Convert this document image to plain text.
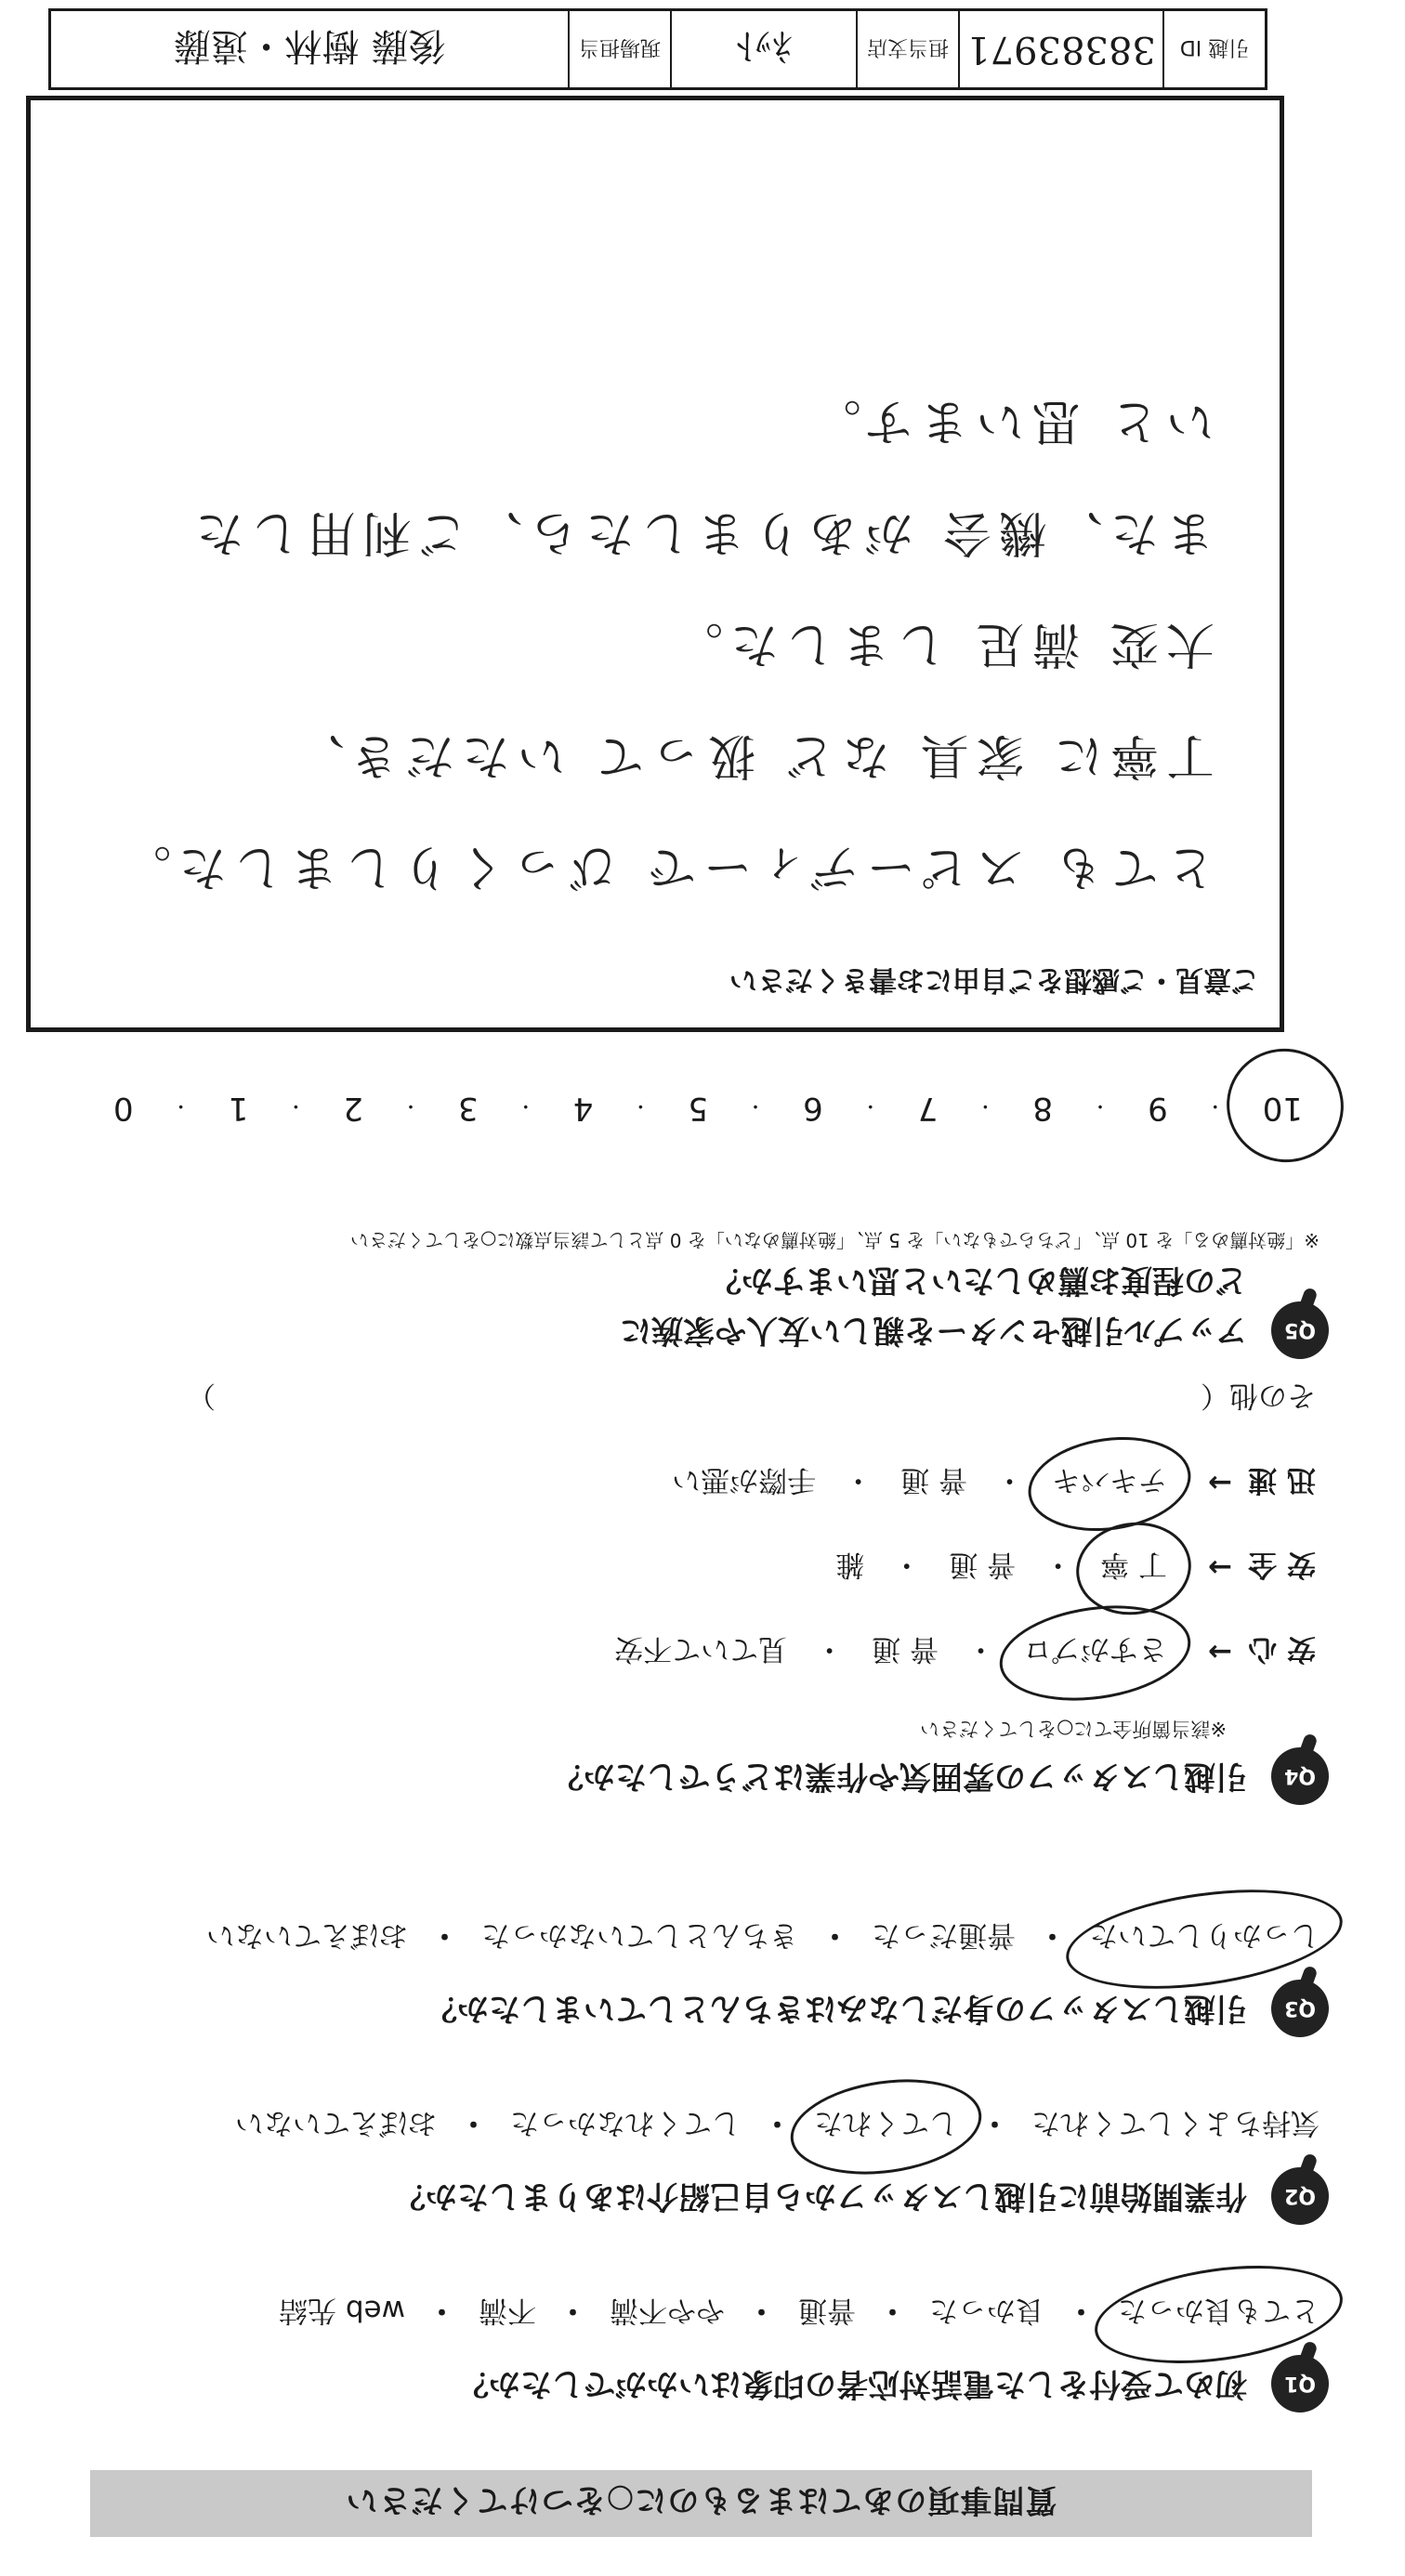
質問事項のあてはまるものに○をつけてください
Q1
初めて受付をした電話対応者の印象はいかがでしたか？
とても良かった
・
良かった
・
普通
・
やや不満
・
不満
・
web 先結
Q2
作業開始前に引越しスタッフから自己紹介はありましたか？
気持ちよくしてくれた
・
してくれた
・
してくれなかった
・
おぼえていない
Q3
引越しスタッフの身だしなみはきちんとしていましたか？
しっかりしていた
・
普通だった
・
きちんとしていなかった
・
おぼえていない
Q4
引越しスタッフの雰囲気や作業はどうでしたか？
※該当箇所全てに○をしてください
安 心
→
さすがプロ
・
普 通
・
見ていて不安
安 全
→
丁 寧
・
普 通
・
雑
迅 速
→
テキパキ
・
普 通
・
手際が悪い
その他（
）
Q5
アップル引越センターを親しい友人や家族に
どの程度お薦めしたいと思いますか？
※「絶対薦める」を 10 点、「どちらでもない」を 5 点、「絶対薦めない」を 0 点として該当点数に○をしてください
10
・
9
・
8
・
7
・
6
・
5
・
4
・
3
・
2
・
1
・
0
ご意見・ご感想をご自由にお書きください
とても スピーディーで びっくりしました。
丁寧に 家具 など 扱って いただき、
大変 満足 しました。
また、機会 がありましたら、ご利用した
いと 思います。
引越 ID
38383971
担当支店
ﾈｯﾄ
現場担当
後藤 樹林・遠藤
